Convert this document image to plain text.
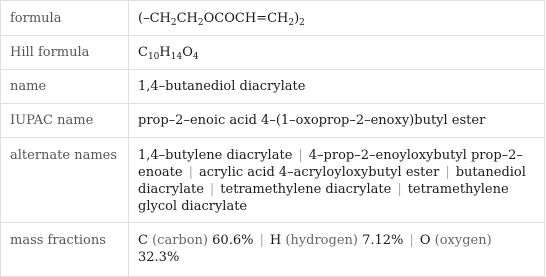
formula	$(-CH_2CH_2OCOCH=CH_2)_2$
Hill formula	$C_{10}H_{14}O_4$
name	1,4–butanediol diacrylate
IUPAC name	prop–2–enoic acid 4–(1–oxoprop–2–enoxy)butyl ester
alternate names	1,4–butylene diacrylate | 4–prop–2–enoyloxybutyl prop–2–enoate | acrylic acid 4–acryloyloxybutyl ester | butanediol diacrylate | tetramethylene diacrylate | tetramethylene glycol diacrylate
mass fractions	C (carbon) 60.6% | H (hydrogen) 7.12% | O (oxygen) 32.3%
